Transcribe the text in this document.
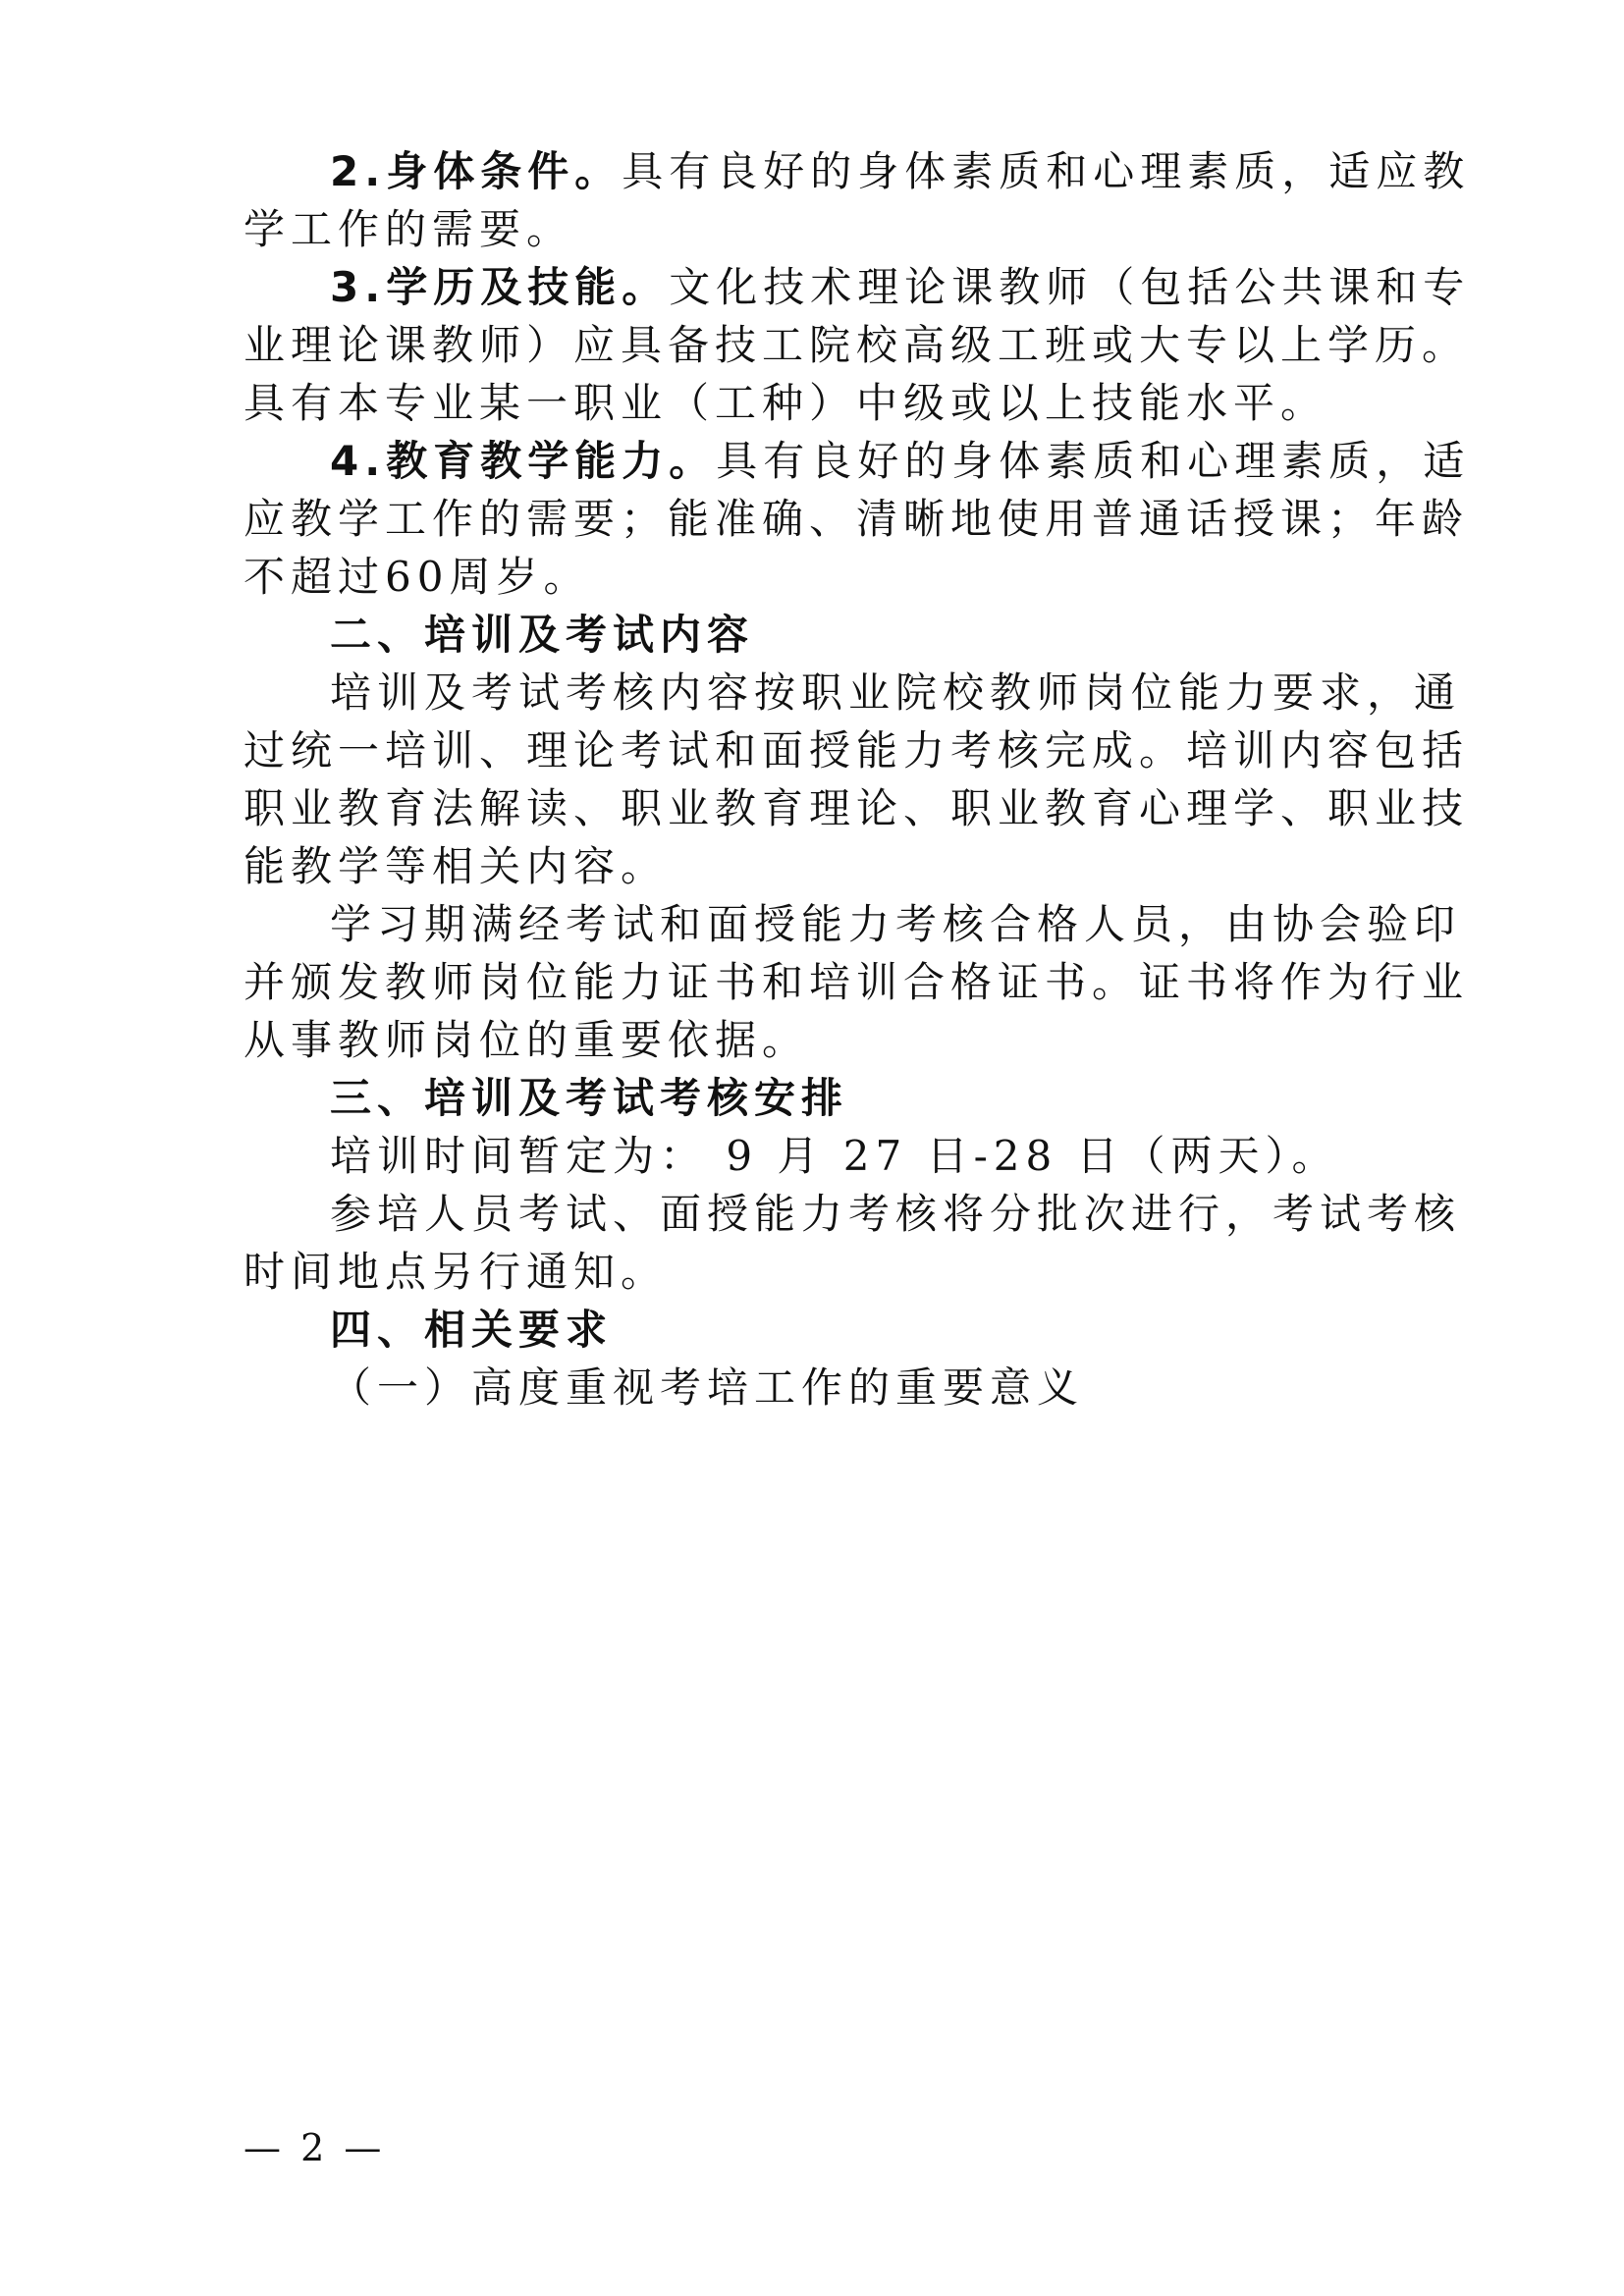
2.身体条件。具有良好的身体素质和心理素质，适应教
学工作的需要。
3.学历及技能。文化技术理论课教师（包括公共课和专
业理论课教师）应具备技工院校高级工班或大专以上学历。
具有本专业某一职业（工种）中级或以上技能水平。
4.教育教学能力。具有良好的身体素质和心理素质，适
应教学工作的需要；能准确、清晰地使用普通话授课；年龄
不超过60周岁。
二、培训及考试内容
培训及考试考核内容按职业院校教师岗位能力要求，通
过统一培训、理论考试和面授能力考核完成。培训内容包括
职业教育法解读、职业教育理论、职业教育心理学、职业技
能教学等相关内容。
学习期满经考试和面授能力考核合格人员，由协会验印
并颁发教师岗位能力证书和培训合格证书。证书将作为行业
从事教师岗位的重要依据。
三、培训及考试考核安排
培训时间暂定为： 9 月 27 日-28 日（两天）。
参培人员考试、面授能力考核将分批次进行，考试考核
时间地点另行通知。
四、相关要求
（一）高度重视考培工作的重要意义
— 2 —
